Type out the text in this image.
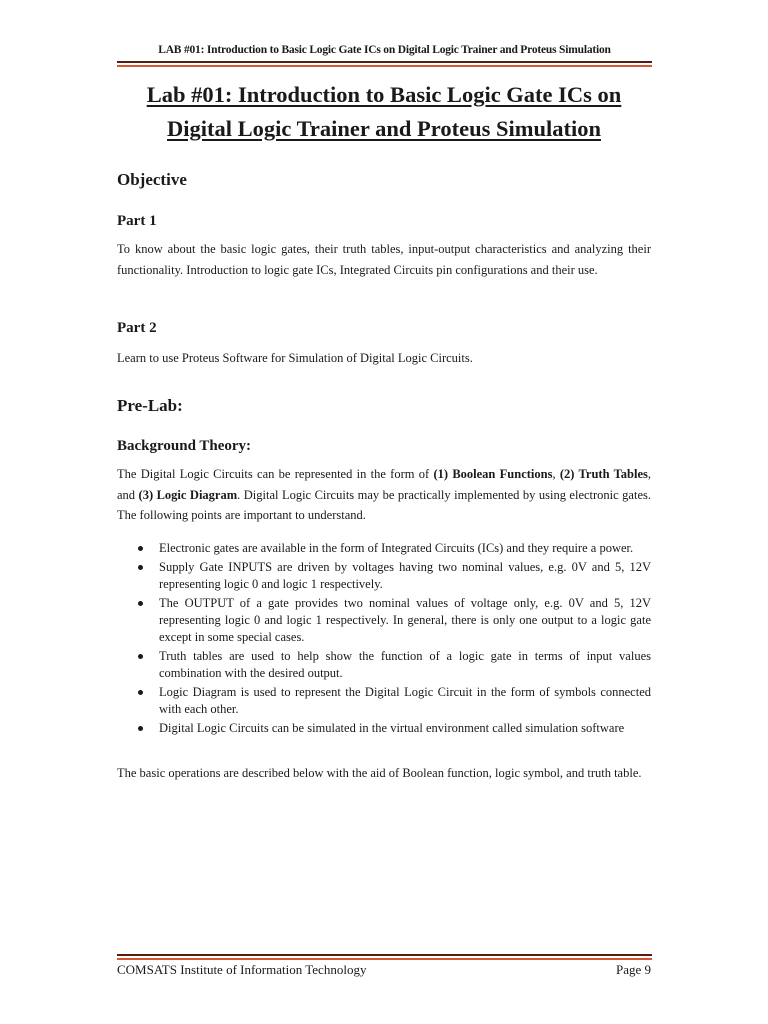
LAB #01: Introduction to Basic Logic Gate ICs on Digital Logic Trainer and Proteus Simulation
Lab #01: Introduction to Basic Logic Gate ICs on
Digital Logic Trainer and Proteus Simulation
Objective
Part 1
To know about the basic logic gates, their truth tables, input-output characteristics and analyzing their functionality. Introduction to logic gate ICs, Integrated Circuits pin configurations and their use.
Part 2
Learn to use Proteus Software for Simulation of Digital Logic Circuits.
Pre-Lab:
Background Theory:
The Digital Logic Circuits can be represented in the form of (1) Boolean Functions, (2) Truth Tables, and (3) Logic Diagram. Digital Logic Circuits may be practically implemented by using electronic gates. The following points are important to understand.
Electronic gates are available in the form of Integrated Circuits (ICs) and they require a power.
Supply Gate INPUTS are driven by voltages having two nominal values, e.g. 0V and 5, 12V representing logic 0 and logic 1 respectively.
The OUTPUT of a gate provides two nominal values of voltage only, e.g. 0V and 5, 12V representing logic 0 and logic 1 respectively. In general, there is only one output to a logic gate except in some special cases.
Truth tables are used to help show the function of a logic gate in terms of input values combination with the desired output.
Logic Diagram is used to represent the Digital Logic Circuit in the form of symbols connected with each other.
Digital Logic Circuits can be simulated in the virtual environment called simulation software
The basic operations are described below with the aid of Boolean function, logic symbol, and truth table.
COMSATS Institute of Information Technology	Page 9
